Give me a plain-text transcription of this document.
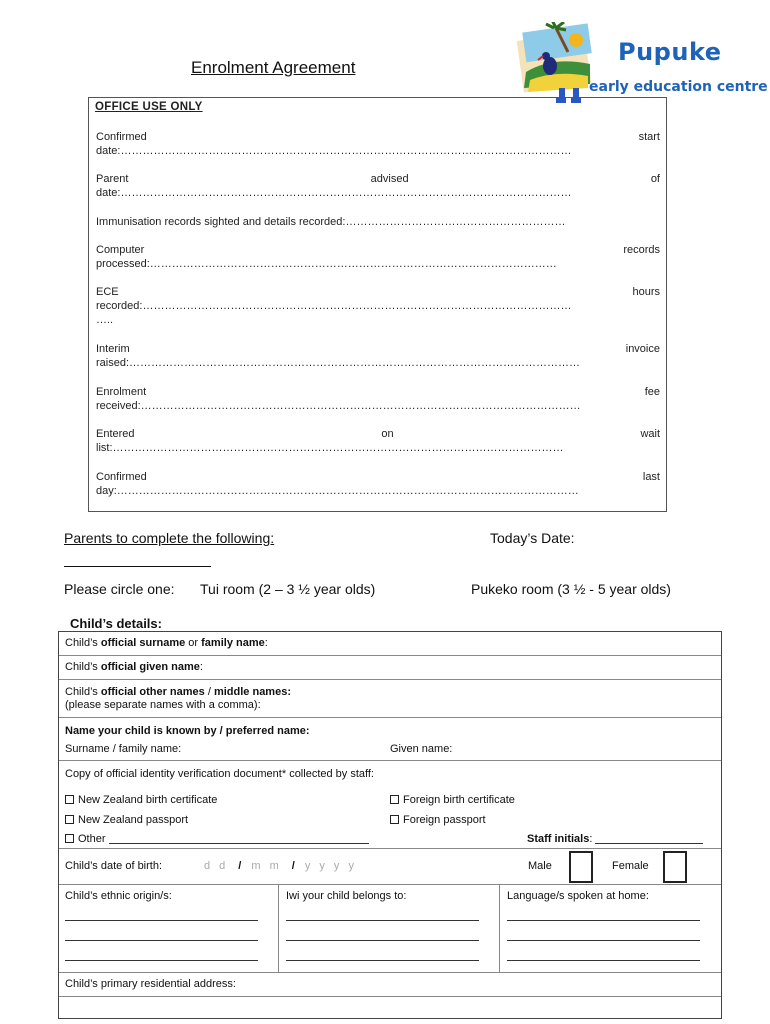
Enrolment Agreement
Pupuke
early education centre
OFFICE USE ONLY
Confirmed	start
date:……………………………………………………………………………………………………………
Parent	advised	of
date:……………………………………………………………………………………………………………
Immunisation records sighted and details recorded:……………………………………………………
Computer	records
processed:…………………………………………………………………………………………………
ECE	hours
recorded:………………………………………………………………………………………………………
…..
Interim	invoice
raised:……………………………………………………………………………………………………………
Enrolment	fee
received:…………………………………………………………………………………………………………
Entered	on	wait
list:……………………………………………………………………………………………………………
Confirmed	last
day:………………………………………………………………………………………………………………
Parents to complete the following:	Today’s Date:
Please circle one: Tui room (2 – 3 ½ year olds)	Pukeko room (3 ½ - 5 year olds)
Child’s details:
Child’s official surname or family name:
Child’s official given name:
Child’s official other names / middle names:
(please separate names with a comma):
Name your child is known by / preferred name:
Surname / family name:	Given name:
Copy of official identity verification document* collected by staff:
New Zealand birth certificate	Foreign birth certificate
New Zealand passport	Foreign passport
Other	Staff initials:
Child’s date of birth:	d d / m m / y y y y	Male	Female
Child’s ethnic origin/s:	Iwi your child belongs to:	Language/s spoken at home:
Child’s primary residential address:
